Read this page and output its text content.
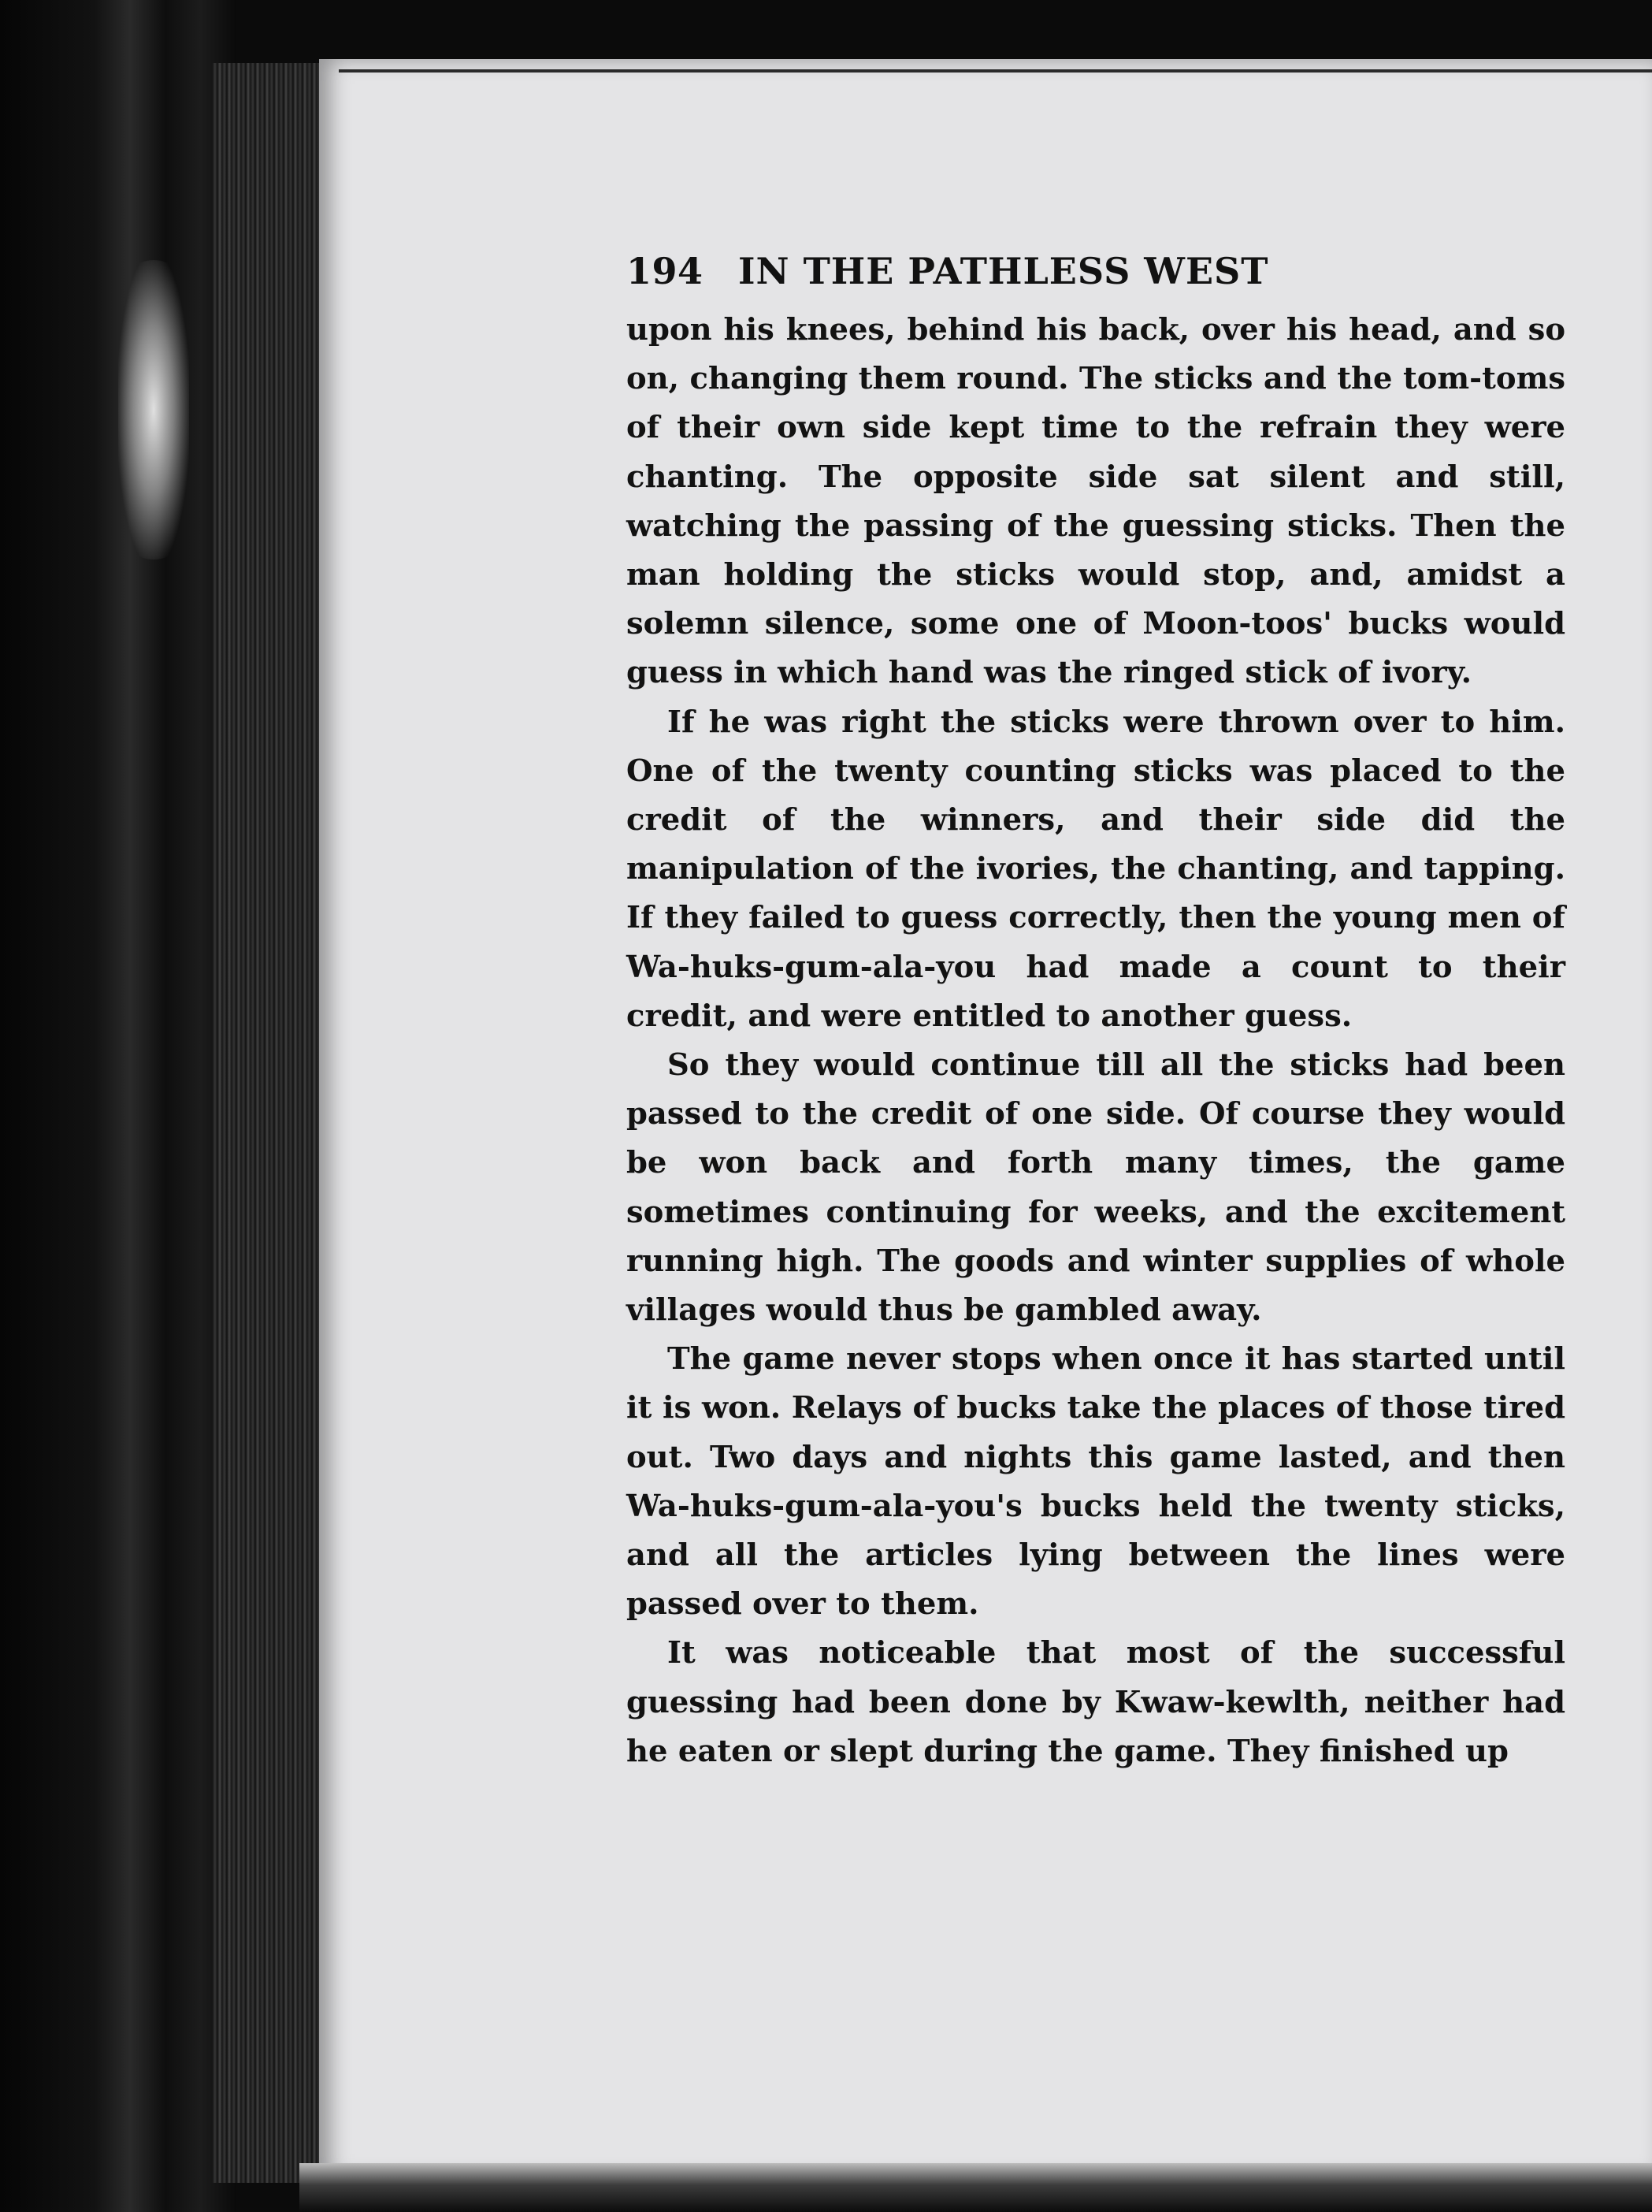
194 IN THE PATHLESS WEST

upon his knees, behind his back, over his head, and so on, changing them round. The sticks and the tom-toms of their own side kept time to the refrain they were chanting. The opposite side sat silent and still, watching the passing of the guessing sticks. Then the man holding the sticks would stop, and, amidst a solemn silence, some one of Moon-toos' bucks would guess in which hand was the ringed stick of ivory.

If he was right the sticks were thrown over to him. One of the twenty counting sticks was placed to the credit of the winners, and their side did the manipulation of the ivories, the chanting, and tapping. If they failed to guess correctly, then the young men of Wa-huks-gum-ala-you had made a count to their credit, and were entitled to another guess.

So they would continue till all the sticks had been passed to the credit of one side. Of course they would be won back and forth many times, the game sometimes continuing for weeks, and the excitement running high. The goods and winter supplies of whole villages would thus be gambled away.

The game never stops when once it has started until it is won. Relays of bucks take the places of those tired out. Two days and nights this game lasted, and then Wa-huks-gum-ala-you's bucks held the twenty sticks, and all the articles lying between the lines were passed over to them.

It was noticeable that most of the successful guessing had been done by Kwaw-kewlth, neither had he eaten or slept during the game. They finished up
